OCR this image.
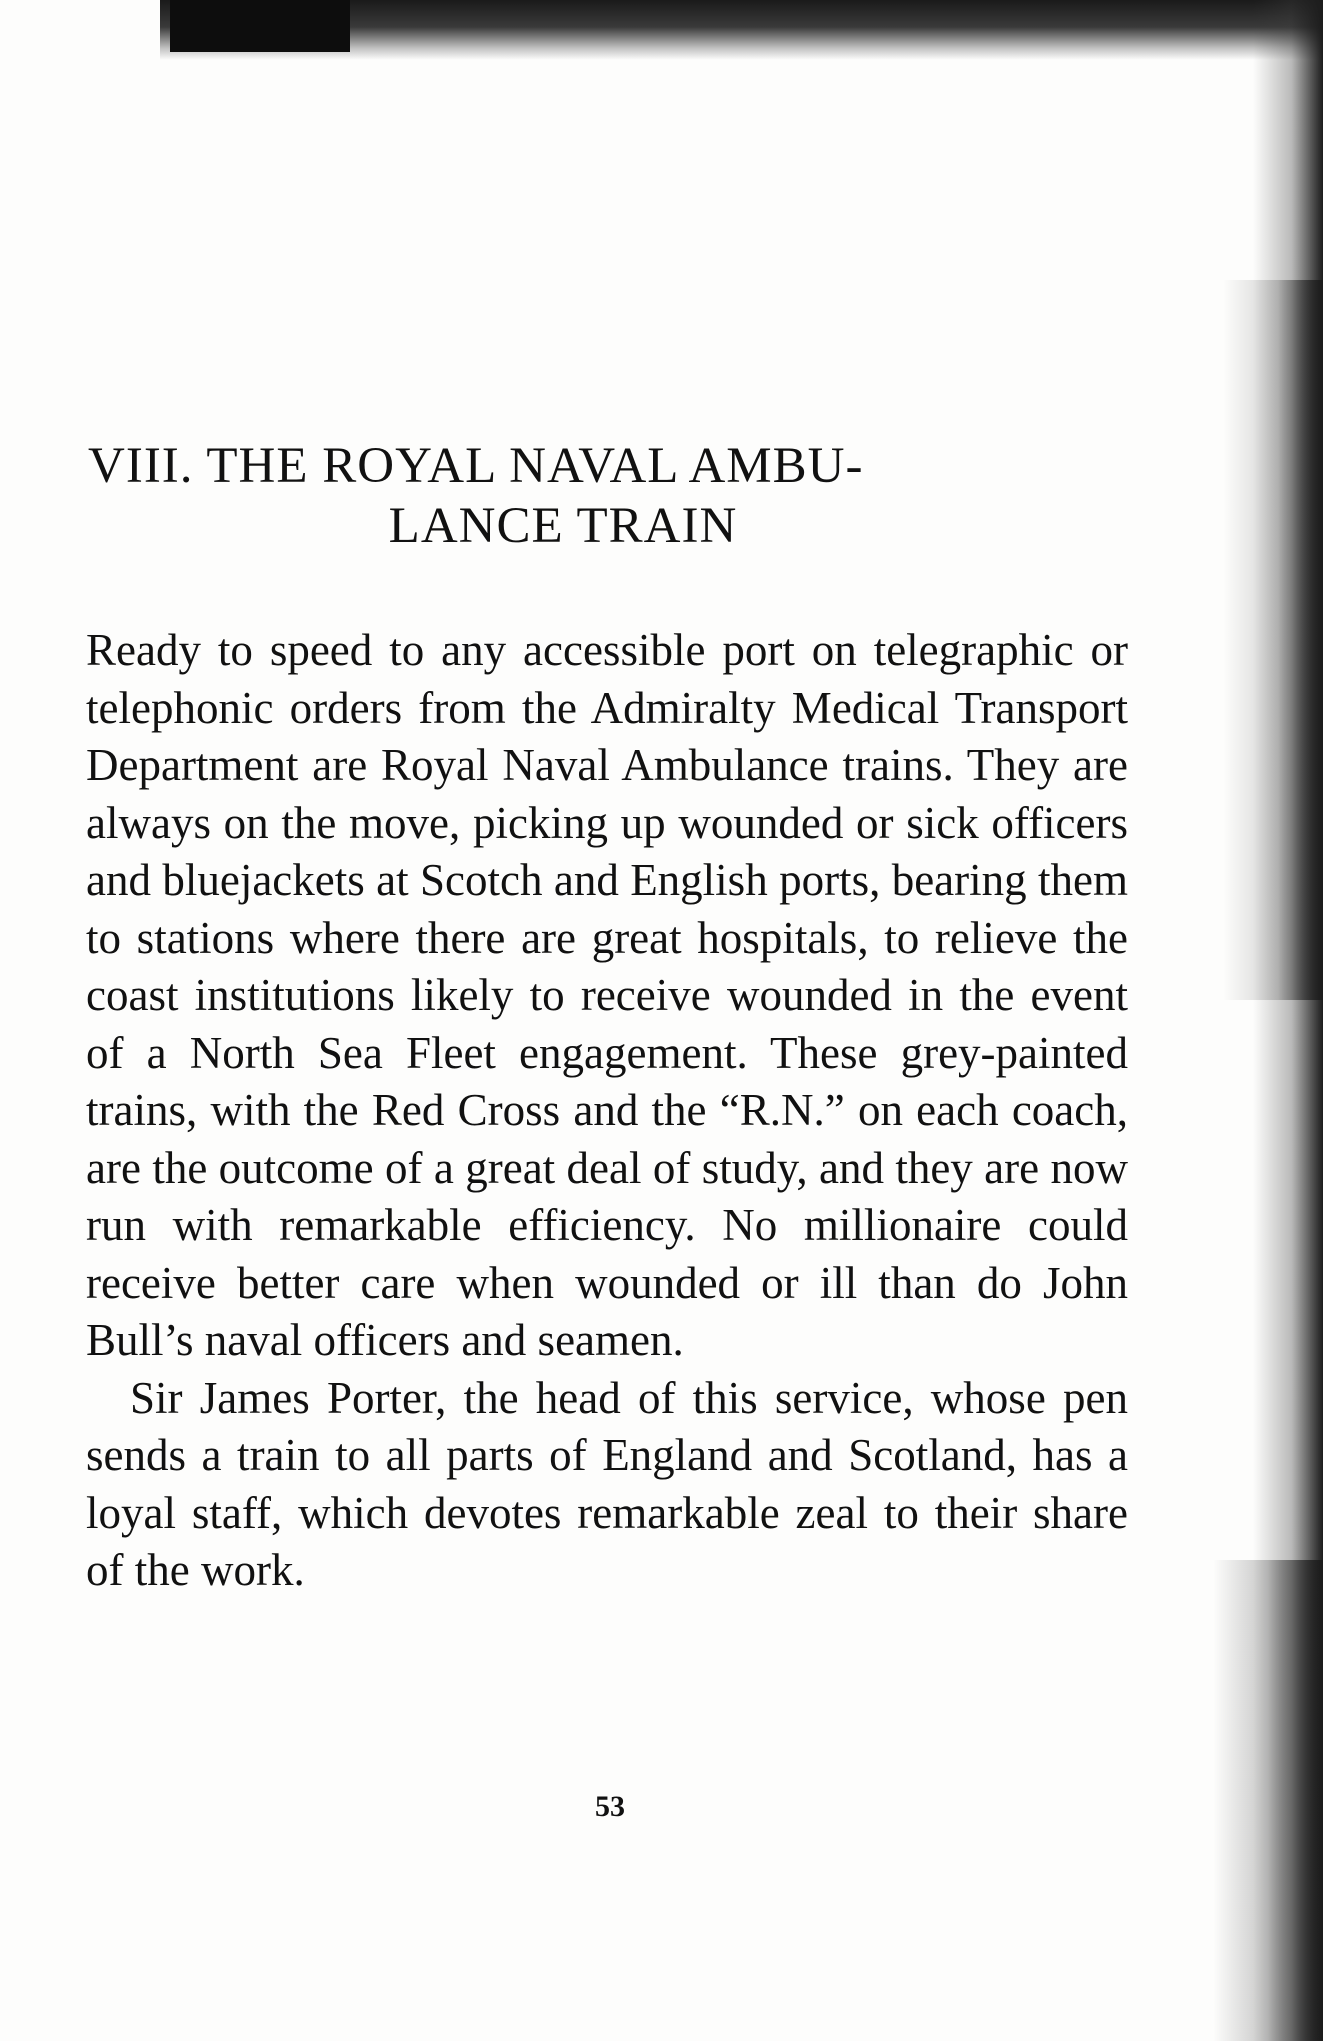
VIII. THE ROYAL NAVAL AMBU-
LANCE TRAIN

Ready to speed to any accessible port on telegraphic or telephonic orders from the Admiralty Medical Transport Department are Royal Naval Ambulance trains. They are always on the move, picking up wounded or sick officers and bluejackets at Scotch and English ports, bearing them to stations where there are great hospitals, to relieve the coast institutions likely to receive wounded in the event of a North Sea Fleet engagement. These grey-painted trains, with the Red Cross and the “R.N.” on each coach, are the outcome of a great deal of study, and they are now run with remarkable efficiency. No millionaire could receive better care when wounded or ill than do John Bull’s naval officers and seamen.

Sir James Porter, the head of this service, whose pen sends a train to all parts of England and Scotland, has a loyal staff, which devotes remarkable zeal to their share of the work.

53
